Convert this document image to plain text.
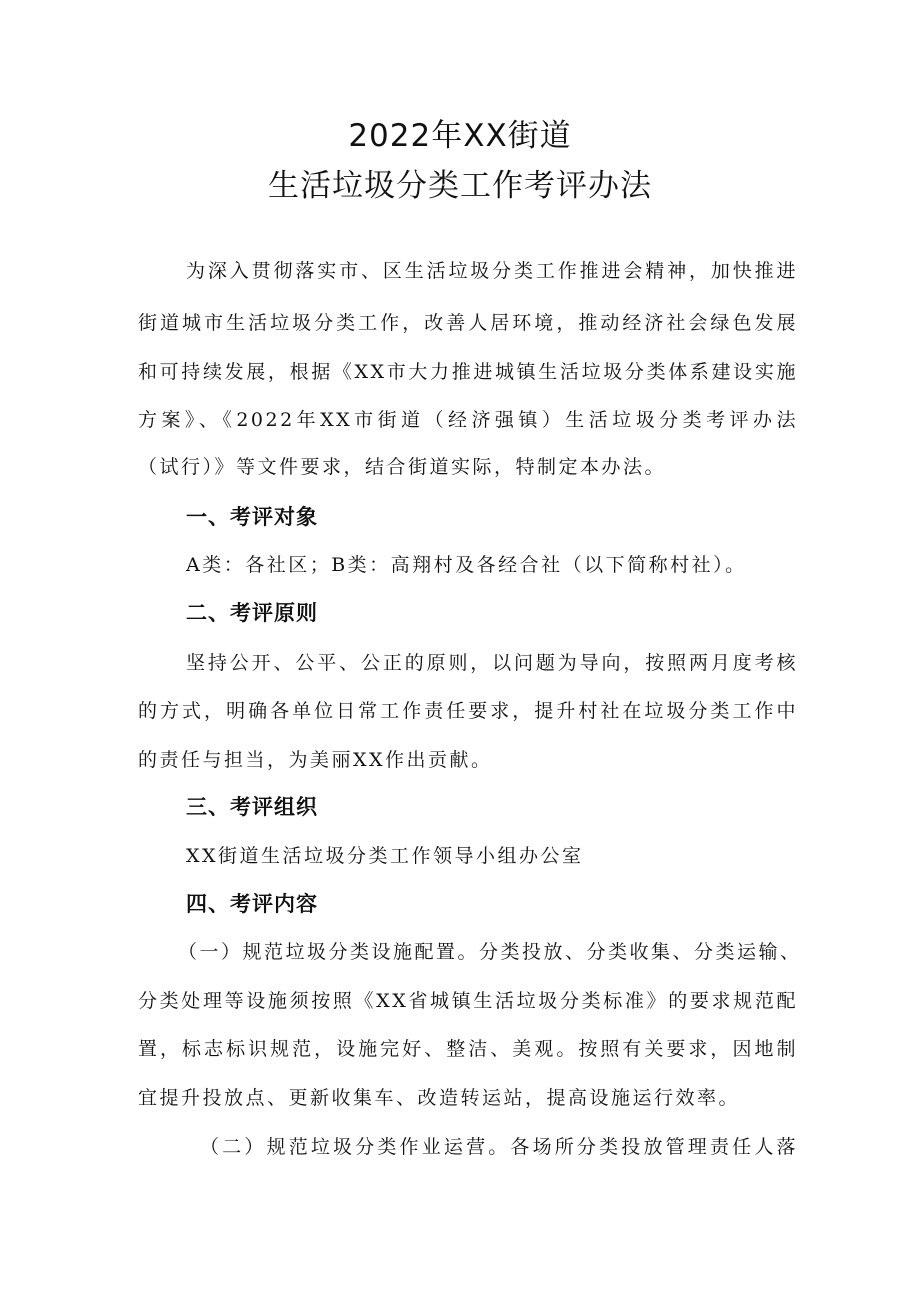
2022年XX街道
生活垃圾分类工作考评办法
为深入贯彻落实市、区生活垃圾分类工作推进会精神，加快推进
街道城市生活垃圾分类工作，改善人居环境，推动经济社会绿色发展
和可持续发展，根据《XX市大力推进城镇生活垃圾分类体系建设实施
方案》、《2022年XX市街道（经济强镇）生活垃圾分类考评办法
（试行）》等文件要求，结合街道实际，特制定本办法。
一、考评对象
A类：各社区；B类：高翔村及各经合社（以下简称村社）。
二、考评原则
坚持公开、公平、公正的原则，以问题为导向，按照两月度考核
的方式，明确各单位日常工作责任要求，提升村社在垃圾分类工作中
的责任与担当，为美丽XX作出贡献。
三、考评组织
XX街道生活垃圾分类工作领导小组办公室
四、考评内容
（一）规范垃圾分类设施配置。分类投放、分类收集、分类运输、
分类处理等设施须按照《XX省城镇生活垃圾分类标准》的要求规范配
置，标志标识规范，设施完好、整洁、美观。按照有关要求，因地制
宜提升投放点、更新收集车、改造转运站，提高设施运行效率。
（二）规范垃圾分类作业运营。各场所分类投放管理责任人落
